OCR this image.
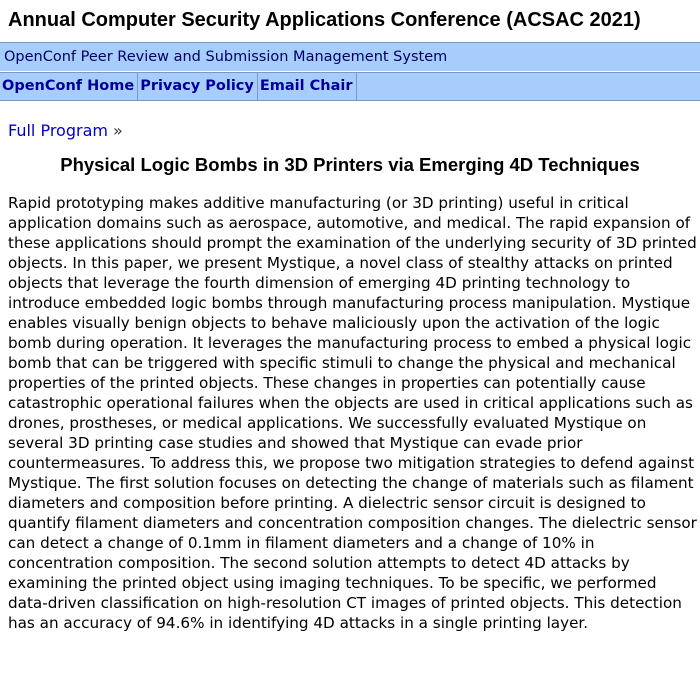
Annual Computer Security Applications Conference (ACSAC 2021)
OpenConf Peer Review and Submission Management System
OpenConf Home Privacy Policy Email Chair
Full Program »
Physical Logic Bombs in 3D Printers via Emerging 4D Techniques

Rapid prototyping makes additive manufacturing (or 3D printing) useful in critical application domains such as aerospace, automotive, and medical. The rapid expansion of these applications should prompt the examination of the underlying security of 3D printed objects. In this paper, we present Mystique, a novel class of stealthy attacks on printed objects that leverage the fourth dimension of emerging 4D printing technology to introduce embedded logic bombs through manufacturing process manipulation. Mystique enables visually benign objects to behave maliciously upon the activation of the logic bomb during operation. It leverages the manufacturing process to embed a physical logic bomb that can be triggered with specific stimuli to change the physical and mechanical properties of the printed objects. These changes in properties can potentially cause catastrophic operational failures when the objects are used in critical applications such as drones, prostheses, or medical applications. We successfully evaluated Mystique on several 3D printing case studies and showed that Mystique can evade prior countermeasures. To address this, we propose two mitigation strategies to defend against Mystique. The first solution focuses on detecting the change of materials such as filament diameters and composition before printing. A dielectric sensor circuit is designed to quantify filament diameters and concentration composition changes. The dielectric sensor can detect a change of 0.1mm in filament diameters and a change of 10% in concentration composition. The second solution attempts to detect 4D attacks by examining the printed object using imaging techniques. To be specific, we performed data-driven classification on high-resolution CT images of printed objects. This detection has an accuracy of 94.6% in identifying 4D attacks in a single printing layer.
